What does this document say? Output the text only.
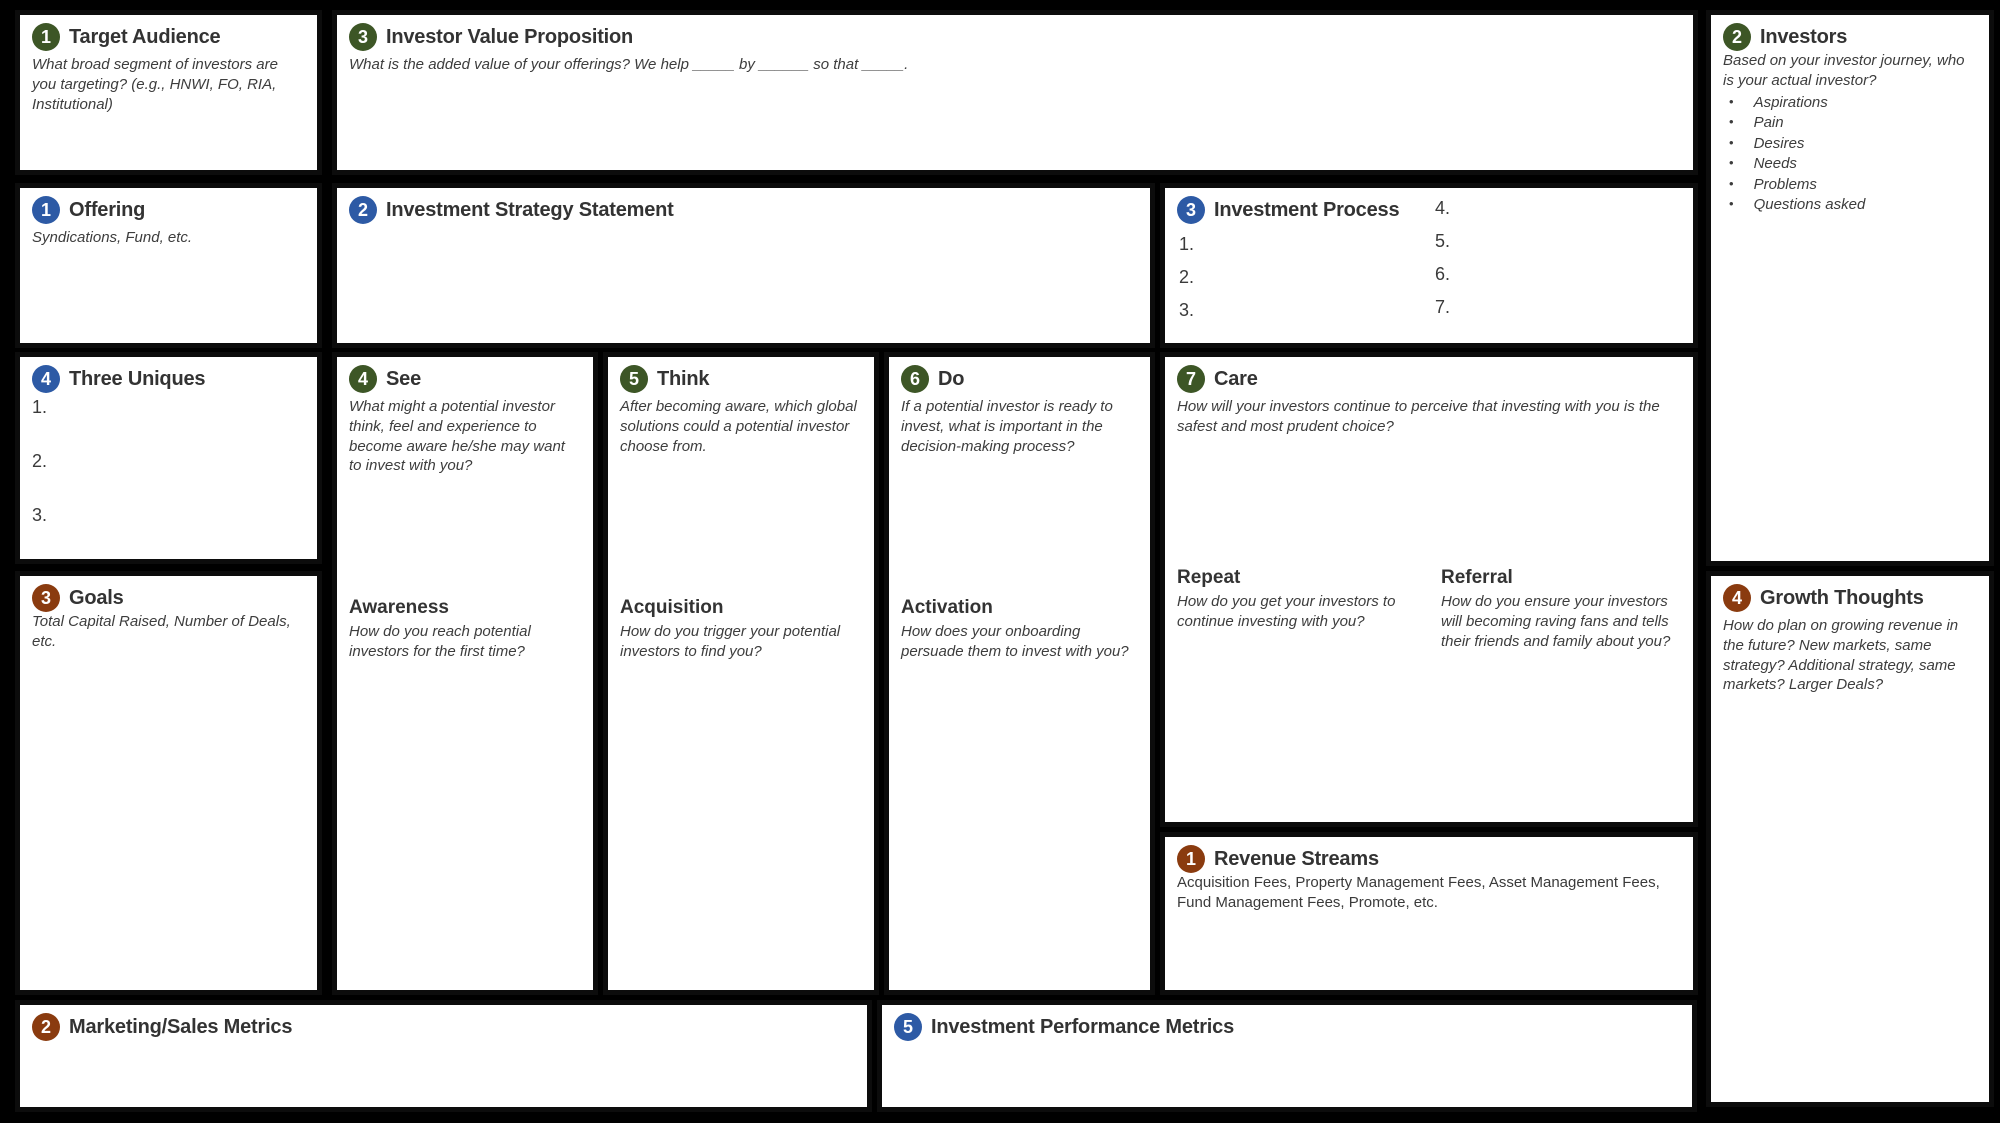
1 Target Audience
What broad segment of investors are you targeting? (e.g., HNWI, FO, RIA, Institutional)
3 Investor Value Proposition
What is the added value of your offerings? We help _____ by ______ so that _____.
2 Investors
Based on your investor journey, who is your actual investor?
• Aspirations
• Pain
• Desires
• Needs
• Problems
• Questions asked
1 Offering
Syndications, Fund, etc.
2 Investment Strategy Statement	3 Investment Process
1.
2.
3.
4.
5.
6.
7.
4 Three Uniques
1.
2.
3.
3 Goals
Total Capital Raised, Number of Deals, etc.
4 See
What might a potential investor think, feel and experience to become aware he/she may want to invest with you?
Awareness
How do you reach potential investors for the first time?
5 Think
After becoming aware, which global solutions could a potential investor choose from.
Acquisition
How do you trigger your potential investors to find you?
6 Do
If a potential investor is ready to invest, what is important in the decision-making process?
Activation
How does your onboarding persuade them to invest with you?
7 Care
How will your investors continue to perceive that investing with you is the safest and most prudent choice?
Repeat
How do you get your investors to continue investing with you?
Referral
How do you ensure your investors will becoming raving fans and tells their friends and family about you?
1 Revenue Streams
Acquisition Fees, Property Management Fees, Asset Management Fees, Fund Management Fees, Promote, etc.
4 Growth Thoughts
How do plan on growing revenue in the future? New markets, same strategy? Additional strategy, same markets? Larger Deals?
2 Marketing/Sales Metrics	5 Investment Performance Metrics
